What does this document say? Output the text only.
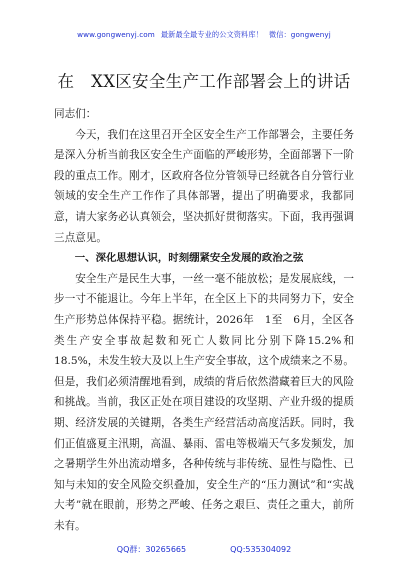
www.gongwenyj.com 最新最全最专业的公文资料库！ 微信：gongwenyj
在　XX区安全生产工作部署会上的讲话

同志们：

今天，我们在这里召开全区安全生产工作部署会，主要任务是深入分析当前我区安全生产面临的严峻形势，全面部署下一阶段的重点工作。刚才，区政府各位分管领导已经就各自分管行业领域的安全生产工作作了具体部署，提出了明确要求，我都同意，请大家务必认真领会，坚决抓好贯彻落实。下面，我再强调三点意见。

一、深化思想认识，时刻绷紧安全发展的政治之弦

安全生产是民生大事，一丝一毫不能放松；是发展底线，一步一寸不能退让。今年上半年，在全区上下的共同努力下，安全生产形势总体保持平稳。据统计，2026年　1至　6月，全区各类生产安全事故起数和死亡人数同比分别下降15.2%和18.5%，未发生较大及以上生产安全事故，这个成绩来之不易。但是，我们必须清醒地看到，成绩的背后依然潜藏着巨大的风险和挑战。当前，我区正处在项目建设的攻坚期、产业升级的提质期、经济发展的关键期，各类生产经营活动高度活跃。同时，我们正值盛夏主汛期，高温、暴雨、雷电等极端天气多发频发，加之暑期学生外出流动增多，各种传统与非传统、显性与隐性、已知与未知的安全风险交织叠加，安全生产的“压力测试”和“实战大考”就在眼前，形势之严峻、任务之艰巨、责任之重大，前所未有。

QQ群：30265665	QQ:535304092
